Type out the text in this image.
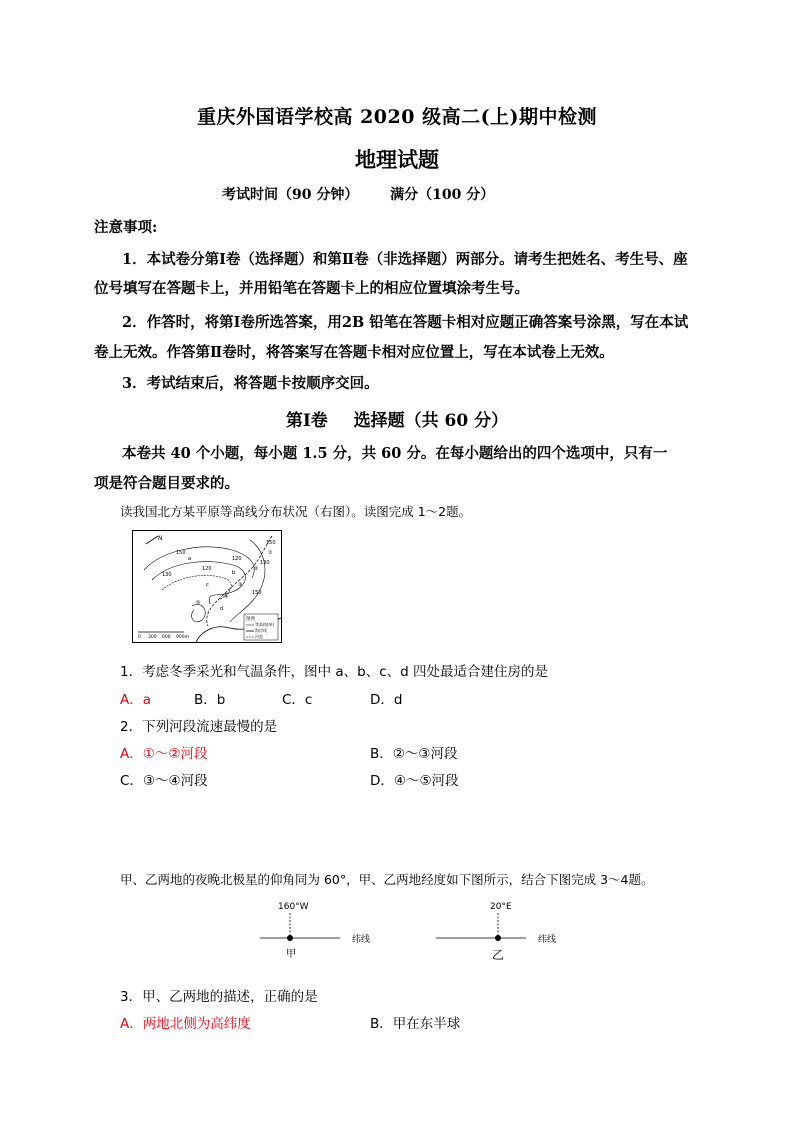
重庆外国语学校高 2020 级高二(上)期中检测
地理试题
考试时间（90 分钟） 满分（100 分）
注意事项:
1．本试卷分第Ⅰ卷（选择题）和第Ⅱ卷（非选择题）两部分。请考生把姓名、考生号、座
位号填写在答题卡上，并用铅笔在答题卡上的相应位置填涂考生号。
2．作答时，将第Ⅰ卷所选答案，用2B 铅笔在答题卡相对应题正确答案号涂黑，写在本试
卷上无效。作答第Ⅱ卷时，将答案写在答题卡相对应位置上，写在本试卷上无效。
3．考试结束后，将答题卡按顺序交回。
第Ⅰ卷 选择题（共 60 分）
本卷共 40 个小题，每小题 1.5 分，共 60 分。在每小题给出的四个选项中，只有一
项是符合题目要求的。
读我国北方某平原等高线分布状况（右图）。读图完成 1～2题。
N
150
130
120
120
150
130
150
a
b
c
d
①
②
③
④
⑤
0 300 600 900m
图例
等高线(m)
海岸线
河流
1．考虑冬季采光和气温条件，图中 a、b、c、d 四处最适合建住房的是
A．a	B．b	C．c	D．d
2．下列河段流速最慢的是
A．①～②河段	B．②～③河段
C．③～④河段	D．④～⑤河段
甲、乙两地的夜晚北极星的仰角同为 60°，甲、乙两地经度如下图所示，结合下图完成 3～4题。
160°W
纬线
甲
20°E
纬线
乙
3．甲、乙两地的描述，正确的是
A．两地北侧为高纬度	B．甲在东半球
